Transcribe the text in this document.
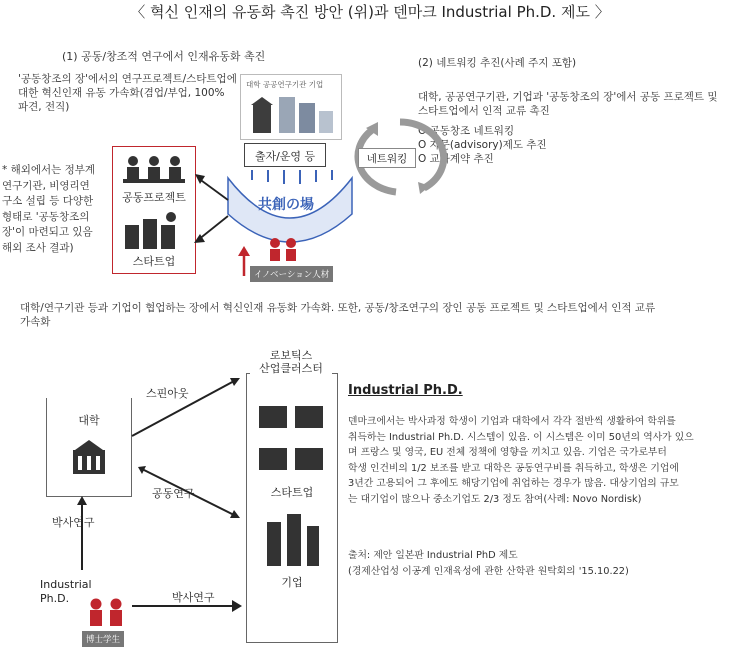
〈 혁신 인재의 유동화 촉진 방안 (위)과 덴마크 Industrial Ph.D. 제도 〉
(1) 공동/창조적 연구에서 인재유동화 촉진
'공동창조의 장'에서의 연구프로젝트/스타트업에
대한 혁신인재 유동 가속화(겸업/부업, 100%
파견, 전직)
(2) 네트워킹 추진(사례 주지 포함)
대학, 공공연구기관, 기업과 '공동창조의 장'에서 공동 프로젝트 및
스타트업에서 인적 교류 촉진
O 공동창조 네트워킹
O 자문(advisory)제도 추진
O 교차계약 추진
* 해외에서는 정부계
연구기관, 비영리연
구소 설립 등 다양한
형태로 '공동창조의
장'이 마련되고 있음
해외 조사 결과)
대학 공공연구기관 기업
출자/운영 등
共創の場
네트워킹
공동프로젝트
스타트업
イノベーション人材
대학/연구기관 등과 기업이 협업하는 장에서 혁신인재 유동화 가속화. 또한, 공동/창조연구의 장인 공동 프로젝트 및 스타트업에서 인적 교류
가속화
대학
박사연구
Industrial
Ph.D.
博士学生
스타트업
기업
로보틱스
산업클러스터
스핀아웃
공동연구
박사연구
Industrial Ph.D.
덴마크에서는 박사과정 학생이 기업과 대학에서 각각 절반씩 생활하여 학위를
취득하는 Industrial Ph.D. 시스템이 있음. 이 시스템은 이미 50년의 역사가 있으
며 프랑스 및 영국, EU 전체 정책에 영향을 끼치고 있음. 기업은 국가로부터
학생 인건비의 1/2 보조를 받고 대학은 공동연구비를 취득하고, 학생은 기업에
3년간 고용되어 그 후에도 해당기업에 취업하는 경우가 많음. 대상기업의 규모
는 대기업이 많으나 중소기업도 2/3 정도 참여(사례: Novo Nordisk)
출처: 제안 일본판 Industrial PhD 제도
(경제산업성 이공계 인재육성에 관한 산학관 원탁회의 '15.10.22)
